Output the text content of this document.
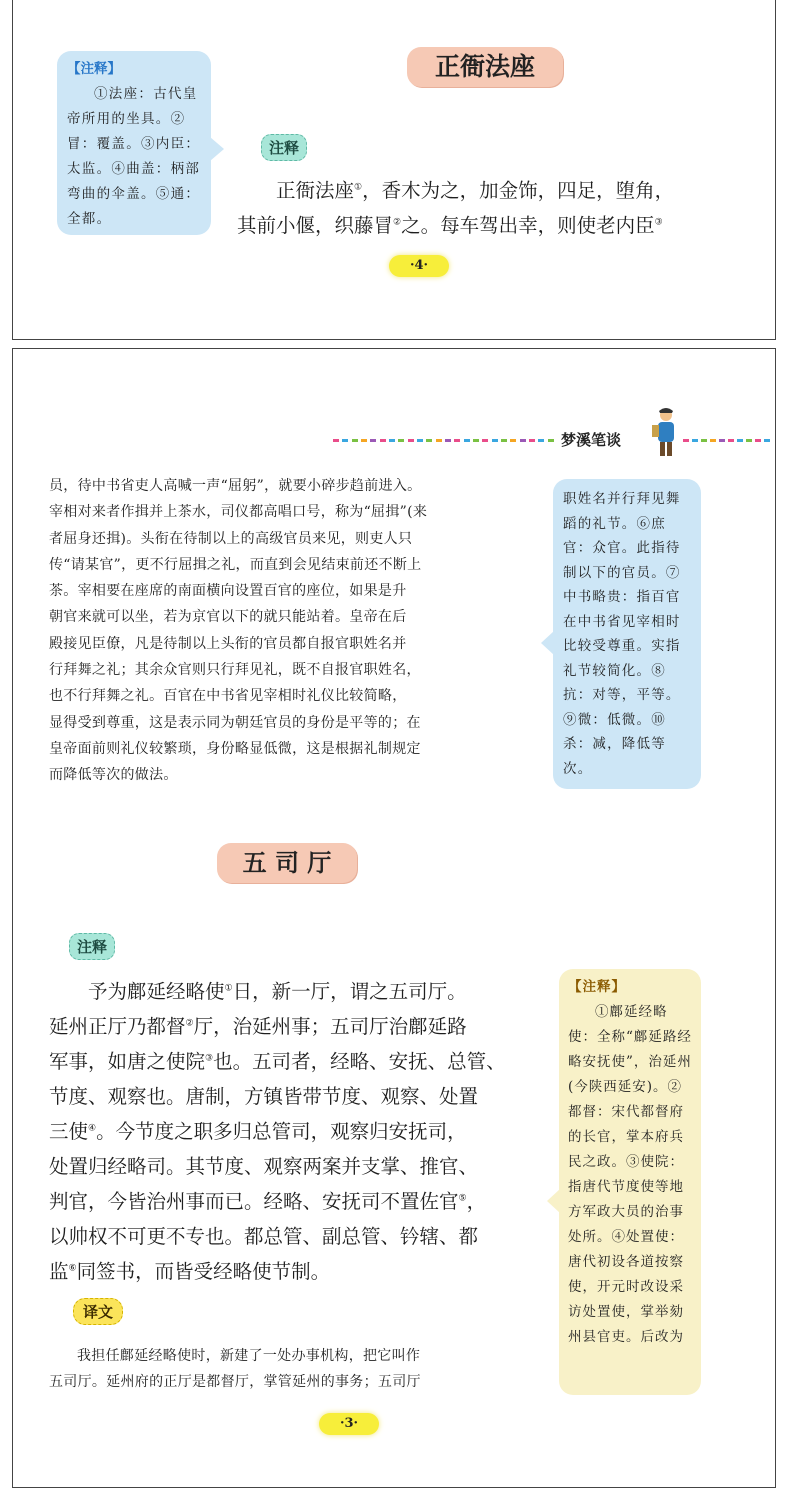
正衙法座
【注释】
①法座：古代皇帝所用的坐具。②冒：覆盖。③内臣：太监。④曲盖：柄部弯曲的伞盖。⑤通：全都。
注释

正衙法座①，香木为之，加金饰，四足，堕角，

其前小偃，织藤冒②之。每车驾出幸，则使老内臣③

·4·
梦溪笔谈

员，待中书省吏人高喊一声“屈躬”，就要小碎步趋前进入。

宰相对来者作揖并上茶水，司仪都高唱口号，称为“屈揖”(来

者屈身还揖)。头衔在待制以上的高级官员来见，则吏人只

传“请某官”，更不行屈揖之礼，而直到会见结束前还不断上

茶。宰相要在座席的南面横向设置百官的座位，如果是升

朝官来就可以坐，若为京官以下的就只能站着。皇帝在后

殿接见臣僚，凡是待制以上头衔的官员都自报官职姓名并

行拜舞之礼；其余众官则只行拜见礼，既不自报官职姓名，

也不行拜舞之礼。百官在中书省见宰相时礼仪比较简略，

显得受到尊重，这是表示同为朝廷官员的身份是平等的；在

皇帝面前则礼仪较繁琐，身份略显低微，这是根据礼制规定

而降低等次的做法。

职姓名并行拜见舞蹈的礼节。⑥庶官：众官。此指待制以下的官员。⑦中书略贵：指百官在中书省见宰相时比较受尊重。实指礼节较简化。⑧抗：对等，平等。⑨微：低微。⑩杀：减，降低等次。
五 司 厅
注释

予为鄜延经略使①日，新一厅，谓之五司厅。

延州正厅乃都督②厅，治延州事；五司厅治鄜延路

军事，如唐之使院③也。五司者，经略、安抚、总管、

节度、观察也。唐制，方镇皆带节度、观察、处置

三使④。今节度之职多归总管司，观察归安抚司，

处置归经略司。其节度、观察两案并支掌、推官、

判官，今皆治州事而已。经略、安抚司不置佐官⑤，

以帅权不可更不专也。都总管、副总管、钤辖、都

监⑥同签书，而皆受经略使节制。

【注释】
①鄜延经略使：全称“鄜延路经略安抚使”，治延州(今陕西延安)。②都督：宋代都督府的长官，掌本府兵民之政。③使院：指唐代节度使等地方军政大员的治事处所。④处置使：唐代初设各道按察使，开元时改设采访处置使，掌举劾州县官吏。后改为
译文

我担任鄜延经略使时，新建了一处办事机构，把它叫作

五司厅。延州府的正厅是都督厅，掌管延州的事务；五司厅

·3·
